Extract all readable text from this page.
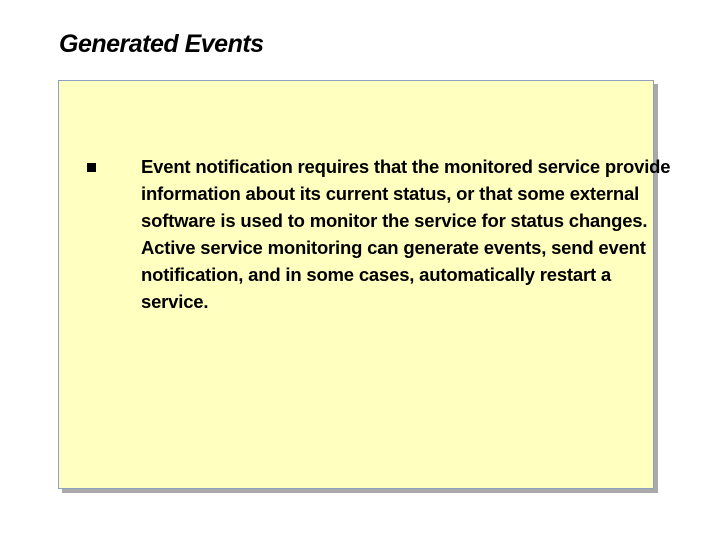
Generated Events
Event notification requires that the monitored service provide information about its current status, or that some external software is used to monitor the service for status changes. Active service monitoring can generate events, send event notification, and in some cases, automatically restart a service.
